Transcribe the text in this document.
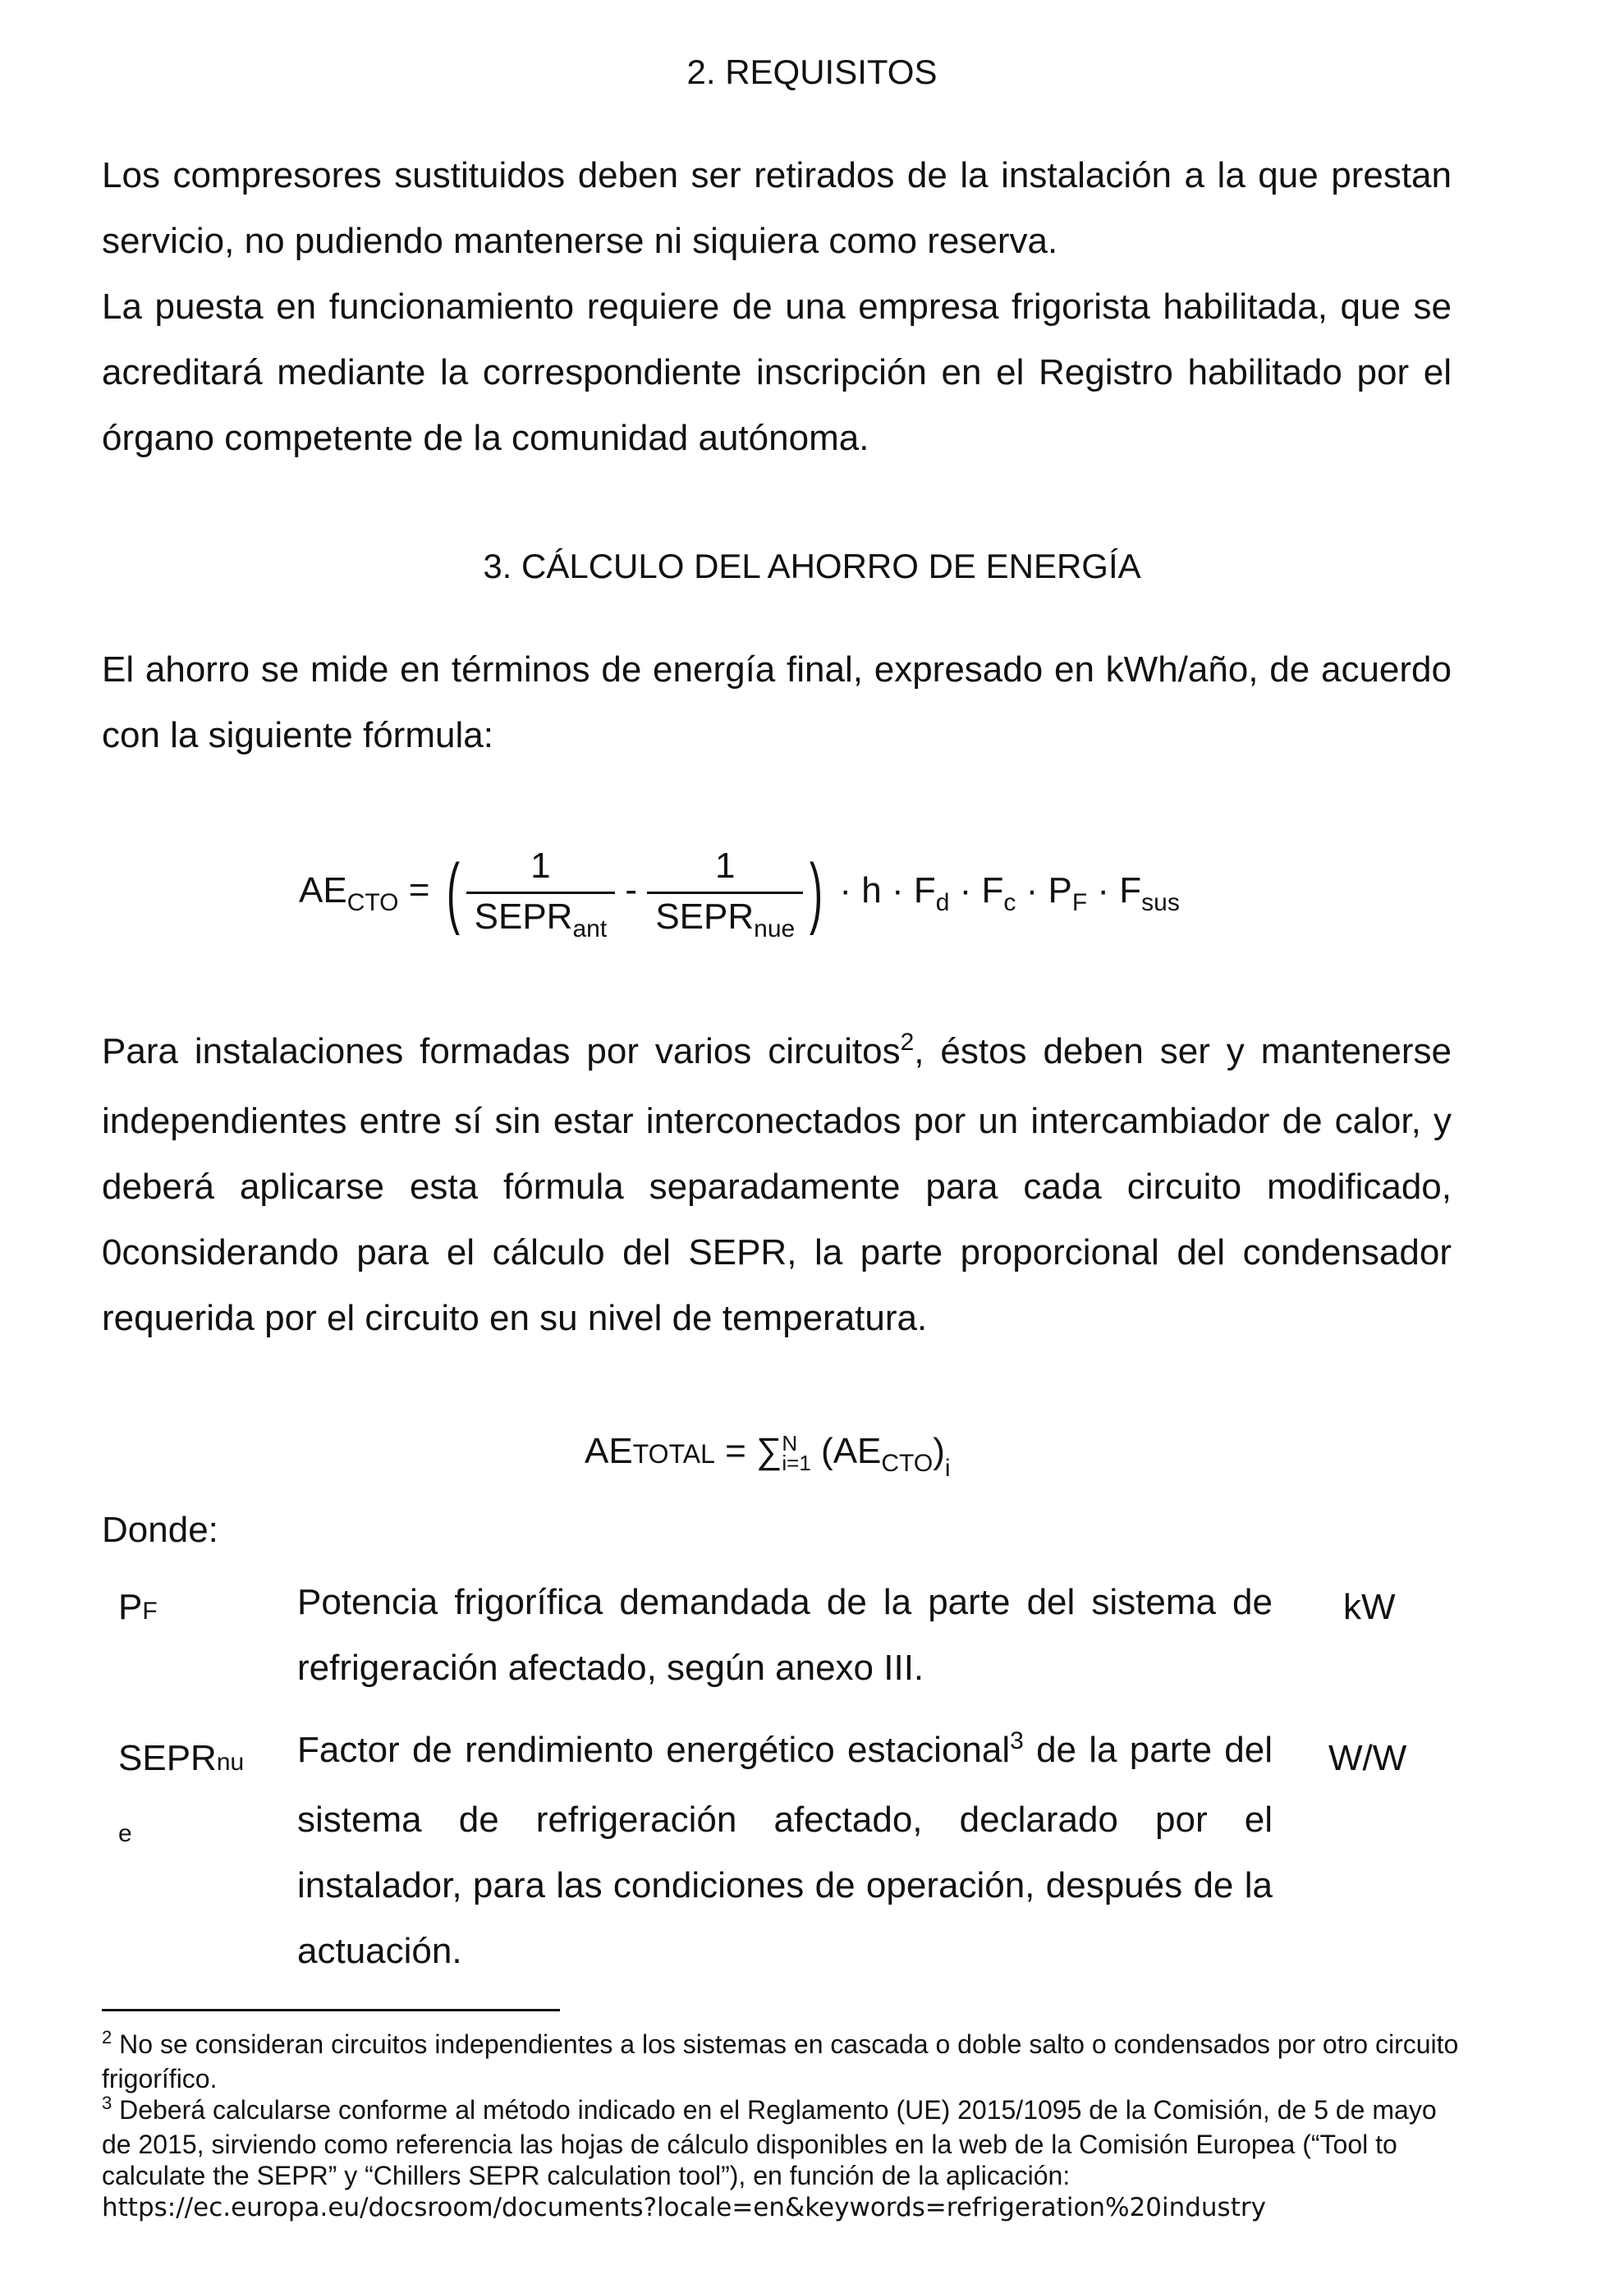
2. REQUISITOS

Los compresores sustituidos deben ser retirados de la instalación a la que prestan servicio, no pudiendo mantenerse ni siquiera como reserva.

La puesta en funcionamiento requiere de una empresa frigorista habilitada, que se acreditará mediante la correspondiente inscripción en el Registro habilitado por el órgano competente de la comunidad autónoma.

3. CÁLCULO DEL AHORRO DE ENERGÍA
El ahorro se mide en términos de energía final, expresado en kWh/año, de acuerdo con la siguiente fórmula:
$AE_{CTO}$ = ( $\frac{1}{SEPR_{ant}} - \frac{1}{SEPR_{nue}}$ ) · $h \cdot F_d \cdot F_c \cdot P_F \cdot F_{sus}$
Para instalaciones formadas por varios circuitos$^2$, éstos deben ser y mantenerse independientes entre sí sin estar interconectados por un intercambiador de calor, y deberá aplicarse esta fórmula separadamente para cada circuito modificado, 0considerando para el cálculo del SEPR, la parte proporcional del condensador requerida por el circuito en su nivel de temperatura.
AETOTAL = ∑ N
i=1 $(AE_{CTO})_i$
Donde:
PF	Potencia frigorífica demandada de la parte del sistema de refrigeración afectado, según anexo III.
kW
SEPRnu
e
Factor de rendimiento energético estacional$^3$ de la parte del sistema de refrigeración afectado, declarado por el instalador, para las condiciones de operación, después de la actuación.
W/W

$^2$ No se consideran circuitos independientes a los sistemas en cascada o doble salto o condensados por otro circuito frigorífico.

$^3$ Deberá calcularse conforme al método indicado en el Reglamento (UE) 2015/1095 de la Comisión, de 5 de mayo de 2015, sirviendo como referencia las hojas de cálculo disponibles en la web de la Comisión Europea (“Tool to calculate the SEPR” y “Chillers SEPR calculation tool”), en función de la aplicación:
https://ec.europa.eu/docsroom/documents?locale=en&keywords=refrigeration%20industry
